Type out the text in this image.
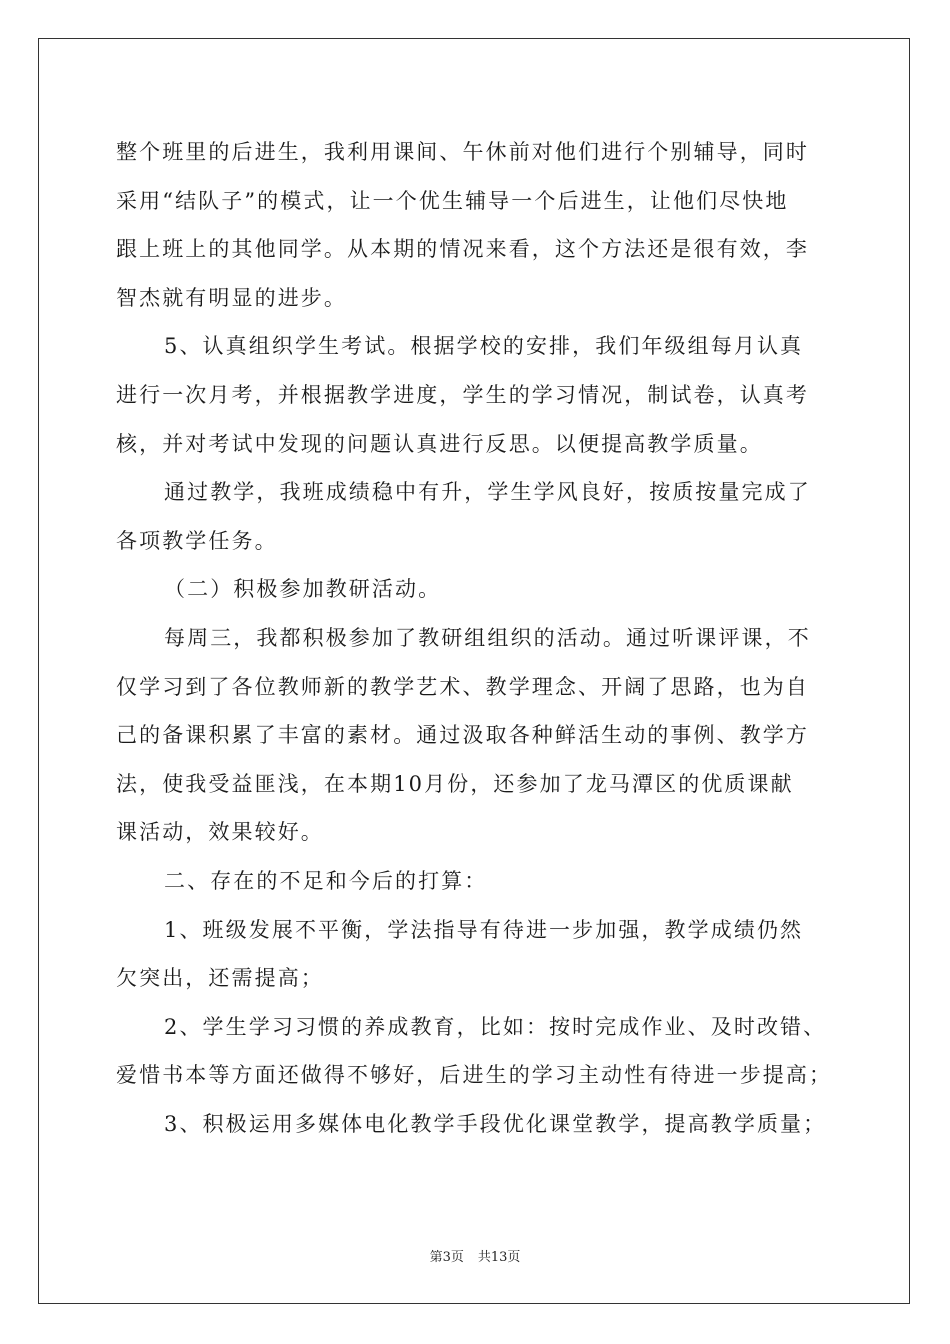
整个班里的后进生，我利用课间、午休前对他们进行个别辅导，同时
采用“结队子”的模式，让一个优生辅导一个后进生，让他们尽快地
跟上班上的其他同学。从本期的情况来看，这个方法还是很有效，李
智杰就有明显的进步。
5、认真组织学生考试。根据学校的安排，我们年级组每月认真
进行一次月考，并根据教学进度，学生的学习情况，制试卷，认真考
核，并对考试中发现的问题认真进行反思。以便提高教学质量。
通过教学，我班成绩稳中有升，学生学风良好，按质按量完成了
各项教学任务。
（二）积极参加教研活动。
每周三，我都积极参加了教研组组织的活动。通过听课评课，不
仅学习到了各位教师新的教学艺术、教学理念、开阔了思路，也为自
己的备课积累了丰富的素材。通过汲取各种鲜活生动的事例、教学方
法，使我受益匪浅，在本期10月份，还参加了龙马潭区的优质课献
课活动，效果较好。
二、存在的不足和今后的打算：
1、班级发展不平衡，学法指导有待进一步加强，教学成绩仍然
欠突出，还需提高；
2、学生学习习惯的养成教育，比如：按时完成作业、及时改错、
爱惜书本等方面还做得不够好，后进生的学习主动性有待进一步提高；
3、积极运用多媒体电化教学手段优化课堂教学，提高教学质量；
第3页 共13页
